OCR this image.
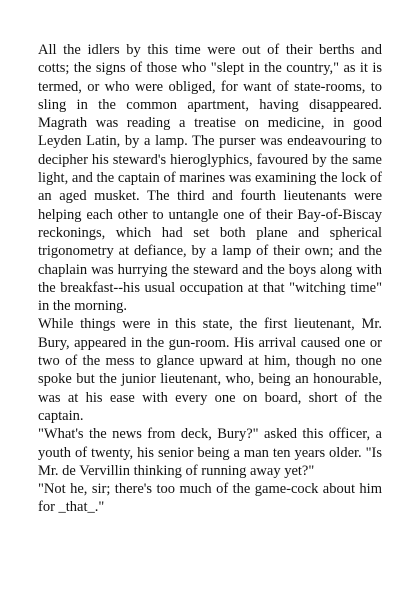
All the idlers by this time were out of their berths and cotts; the signs of those who "slept in the country," as it is termed, or who were obliged, for want of state-rooms, to sling in the common apartment, having disappeared. Magrath was reading a treatise on medicine, in good Leyden Latin, by a lamp. The purser was endeavouring to decipher his steward's hieroglyphics, favoured by the same light, and the captain of marines was examining the lock of an aged musket. The third and fourth lieutenants were helping each other to untangle one of their Bay-of-Biscay reckonings, which had set both plane and spherical trigonometry at defiance, by a lamp of their own; and the chaplain was hurrying the steward and the boys along with the breakfast--his usual occupation at that "witching time" in the morning.

While things were in this state, the first lieutenant, Mr. Bury, appeared in the gun-room. His arrival caused one or two of the mess to glance upward at him, though no one spoke but the junior lieutenant, who, being an honourable, was at his ease with every one on board, short of the captain.

"What's the news from deck, Bury?" asked this officer, a youth of twenty, his senior being a man ten years older. "Is Mr. de Vervillin thinking of running away yet?"

"Not he, sir; there's too much of the game-cock about him for _that_."
